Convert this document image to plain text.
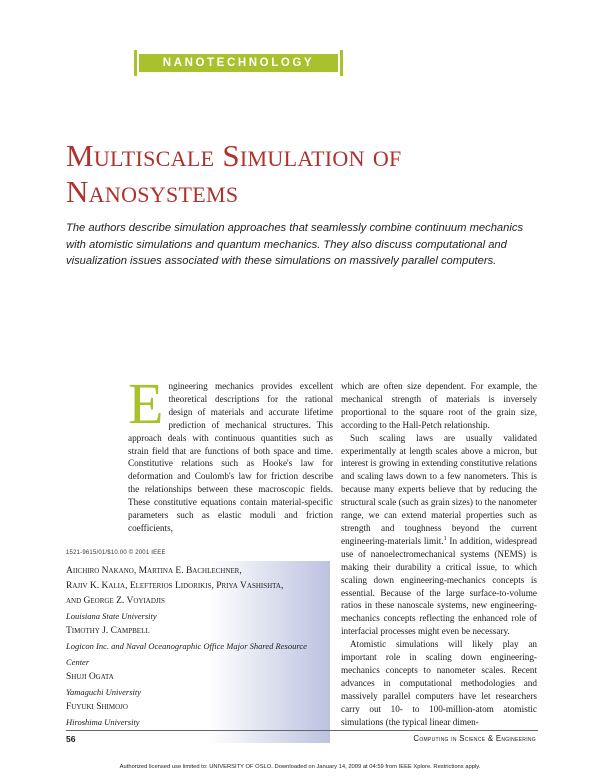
NANOTECHNOLOGY
Multiscale Simulation of
Nanosystems
The authors describe simulation approaches that seamlessly combine continuum mechanics with atomistic simulations and quantum mechanics. They also discuss computational and visualization issues associated with these simulations on massively parallel computers.

Engineering mechanics provides excellent theoretical descriptions for the rational design of materials and accurate lifetime prediction of mechanical structures. This approach deals with continuous quantities such as strain field that are functions of both space and time. Constitutive relations such as Hooke's law for deformation and Coulomb's law for friction describe the relationships between these macroscopic fields. These constitutive equations contain material-specific parameters such as elastic moduli and friction coefficients,

which are often size dependent. For example, the mechanical strength of materials is inversely proportional to the square root of the grain size, according to the Hall-Petch relationship.

Such scaling laws are usually validated experimentally at length scales above a micron, but interest is growing in extending constitutive relations and scaling laws down to a few nanometers. This is because many experts believe that by reducing the structural scale (such as grain sizes) to the nanometer range, we can extend material properties such as strength and toughness beyond the current engineering-materials limit.$^1$ In addition, widespread use of nanoelectromechanical systems (NEMS) is making their durability a critical issue, to which scaling down engineering-mechanics concepts is essential. Because of the large surface-to-volume ratios in these nanoscale systems, new engineering-mechanics concepts reflecting the enhanced role of interfacial processes might even be necessary.

Atomistic simulations will likely play an important role in scaling down engineering-mechanics concepts to nanometer scales. Recent advances in computational methodologies and massively parallel computers have let researchers carry out 10- to 100-million-atom atomistic simulations (the typical linear dimen-

1521-9615/01/$10.00 © 2001 IEEE
Aiichiro Nakano, Martina E. Bachlechner,
Rajiv K. Kalia, Elefterios Lidorikis, Priya Vashishta,
and George Z. Voyiadjis
Louisiana State University
Timothy J. Campbell
Logicon Inc. and Naval Oceanographic Office Major Shared Resource Center
Shuji Ogata
Yamaguchi University
Fuyuki Shimojo
Hiroshima University
56	Computing in Science & Engineering
Authorized licensed use limited to: UNIVERSITY OF OSLO. Downloaded on January 14, 2009 at 04:59 from IEEE Xplore. Restrictions apply.
